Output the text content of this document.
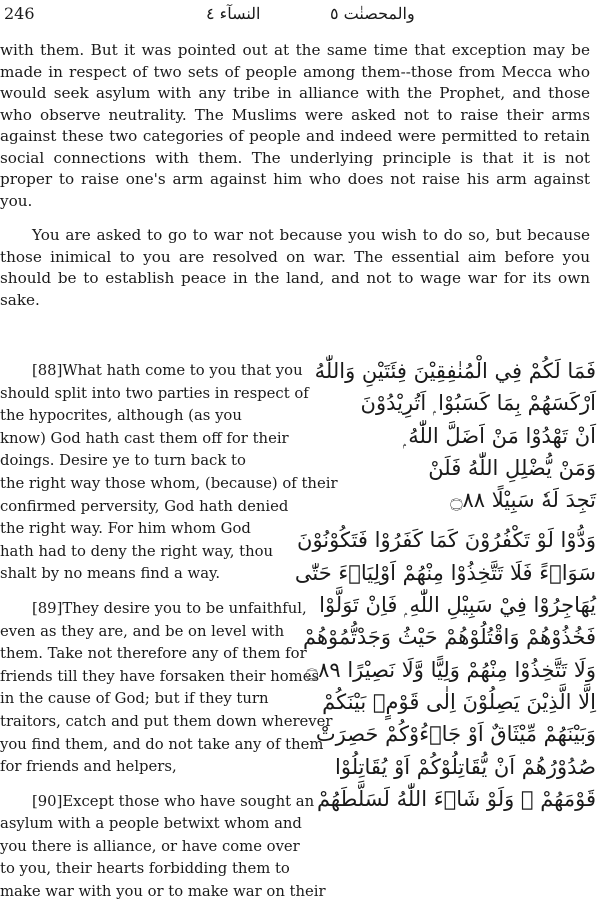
246	النسآء ٤	والمحصنٰت ٥

with them. But it was pointed out at the same time that exception may be made in respect of two sets of people among them--those from Mecca who would seek asylum with any tribe in alliance with the Prophet, and those who observe neutrality. The Muslims were asked not to raise their arms against these two categories of people and indeed were permitted to retain social connections with them. The underlying principle is that it is not proper to raise one's arm against him who does not raise his arm against you.

You are asked to go to war not because you wish to do so, but because those inimical to you are resolved on war. The essential aim before you should be to establish peace in the land, and not to wage war for its own sake.

[88]What hath come to you that you
should split into two parties in respect of
the hypocrites, although (as you
know) God hath cast them off for their
doings. Desire ye to turn back to
the right way those whom, (because) of their
confirmed perversity, God hath denied
the right way. For him whom God
hath had to deny the right way, thou
shalt by no means find a way.

[89]They desire you to be unfaithful,
even as they are, and be on level with
them. Take not therefore any of them for
friends till they have forsaken their homes
in the cause of God; but if they turn
traitors, catch and put them down wherever
you find them, and do not take any of them
for friends and helpers,

[90]Except those who have sought an
asylum with a people betwixt whom and
you there is alliance, or have come over
to you, their hearts forbidding them to
make war with you or to make war on their

فَمَا لَكُمْ فِي الْمُنٰفِقِيْنَ فِئَتَيْنِ وَاللّٰهُ
اَرْكَسَهُمْ بِمَا كَسَبُوْا ۭ اَتُرِيْدُوْنَ
اَنْ تَهْدُوْا مَنْ اَضَلَّ اللّٰهُ ۭ
وَمَنْ يُّضْلِلِ اللّٰهُ فَلَنْ
تَجِدَ لَهٗ سَبِيْلًا ۝٨٨
وَدُّوْا لَوْ تَكْفُرُوْنَ كَمَا كَفَرُوْا فَتَكُوْنُوْنَ
سَوَاۗءً فَلَا تَتَّخِذُوْا مِنْهُمْ اَوْلِيَاۗءَ حَتّٰى
يُهَاجِرُوْا فِيْ سَبِيْلِ اللّٰهِ ۭ فَاِنْ تَوَلَّوْا
فَخُذُوْهُمْ وَاقْتُلُوْهُمْ حَيْثُ وَجَدْتُّمُوْهُمْ
وَلَا تَتَّخِذُوْا مِنْهُمْ وَلِيًّا وَّلَا نَصِيْرًا ۝٨٩
اِلَّا الَّذِيْنَ يَصِلُوْنَ اِلٰى قَوْمٍۢ بَيْنَكُمْ
وَبَيْنَهُمْ مِّيْثَاقٌ اَوْ جَاۗءُوْكُمْ حَصِرَتْ
صُدُوْرُهُمْ اَنْ يُّقَاتِلُوْكُمْ اَوْ يُقَاتِلُوْا
قَوْمَهُمْ ۭ وَلَوْ شَاۗءَ اللّٰهُ لَسَلَّطَهُمْ
